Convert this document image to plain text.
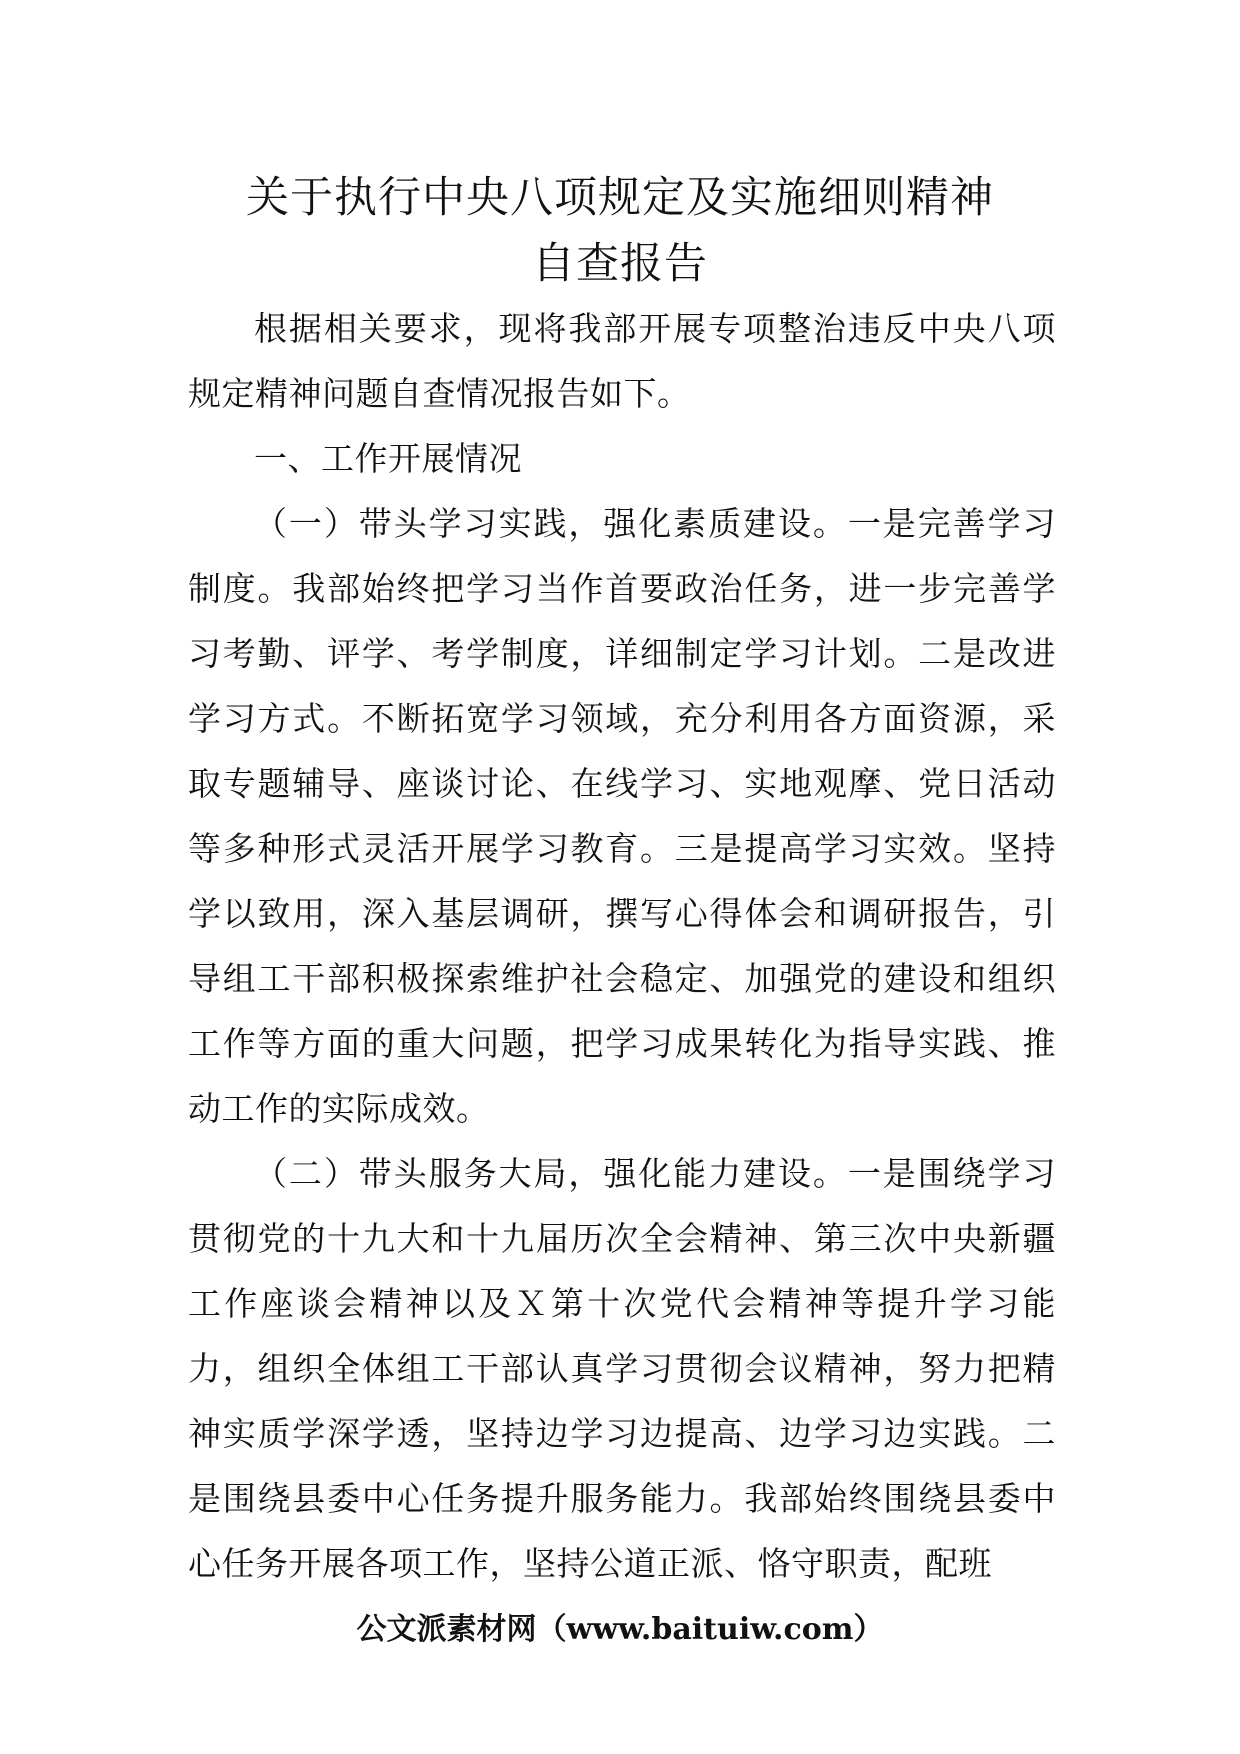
关于执行中央八项规定及实施细则精神
自查报告

根据相关要求，现将我部开展专项整治违反中央八项规定精神问题自查情况报告如下。

一、工作开展情况

（一）带头学习实践，强化素质建设。一是完善学习制度。我部始终把学习当作首要政治任务，进一步完善学习考勤、评学、考学制度，详细制定学习计划。二是改进学习方式。不断拓宽学习领域，充分利用各方面资源，采取专题辅导、座谈讨论、在线学习、实地观摩、党日活动等多种形式灵活开展学习教育。三是提高学习实效。坚持学以致用，深入基层调研，撰写心得体会和调研报告，引导组工干部积极探索维护社会稳定、加强党的建设和组织工作等方面的重大问题，把学习成果转化为指导实践、推动工作的实际成效。

（二）带头服务大局，强化能力建设。一是围绕学习贯彻党的十九大和十九届历次全会精神、第三次中央新疆工作座谈会精神以及Ｘ第十次党代会精神等提升学习能力，组织全体组工干部认真学习贯彻会议精神，努力把精神实质学深学透，坚持边学习边提高、边学习边实践。二是围绕县委中心任务提升服务能力。我部始终围绕县委中心任务开展各项工作，坚持公道正派、恪守职责，配班

公文派素材网（www.baituiw.com）
